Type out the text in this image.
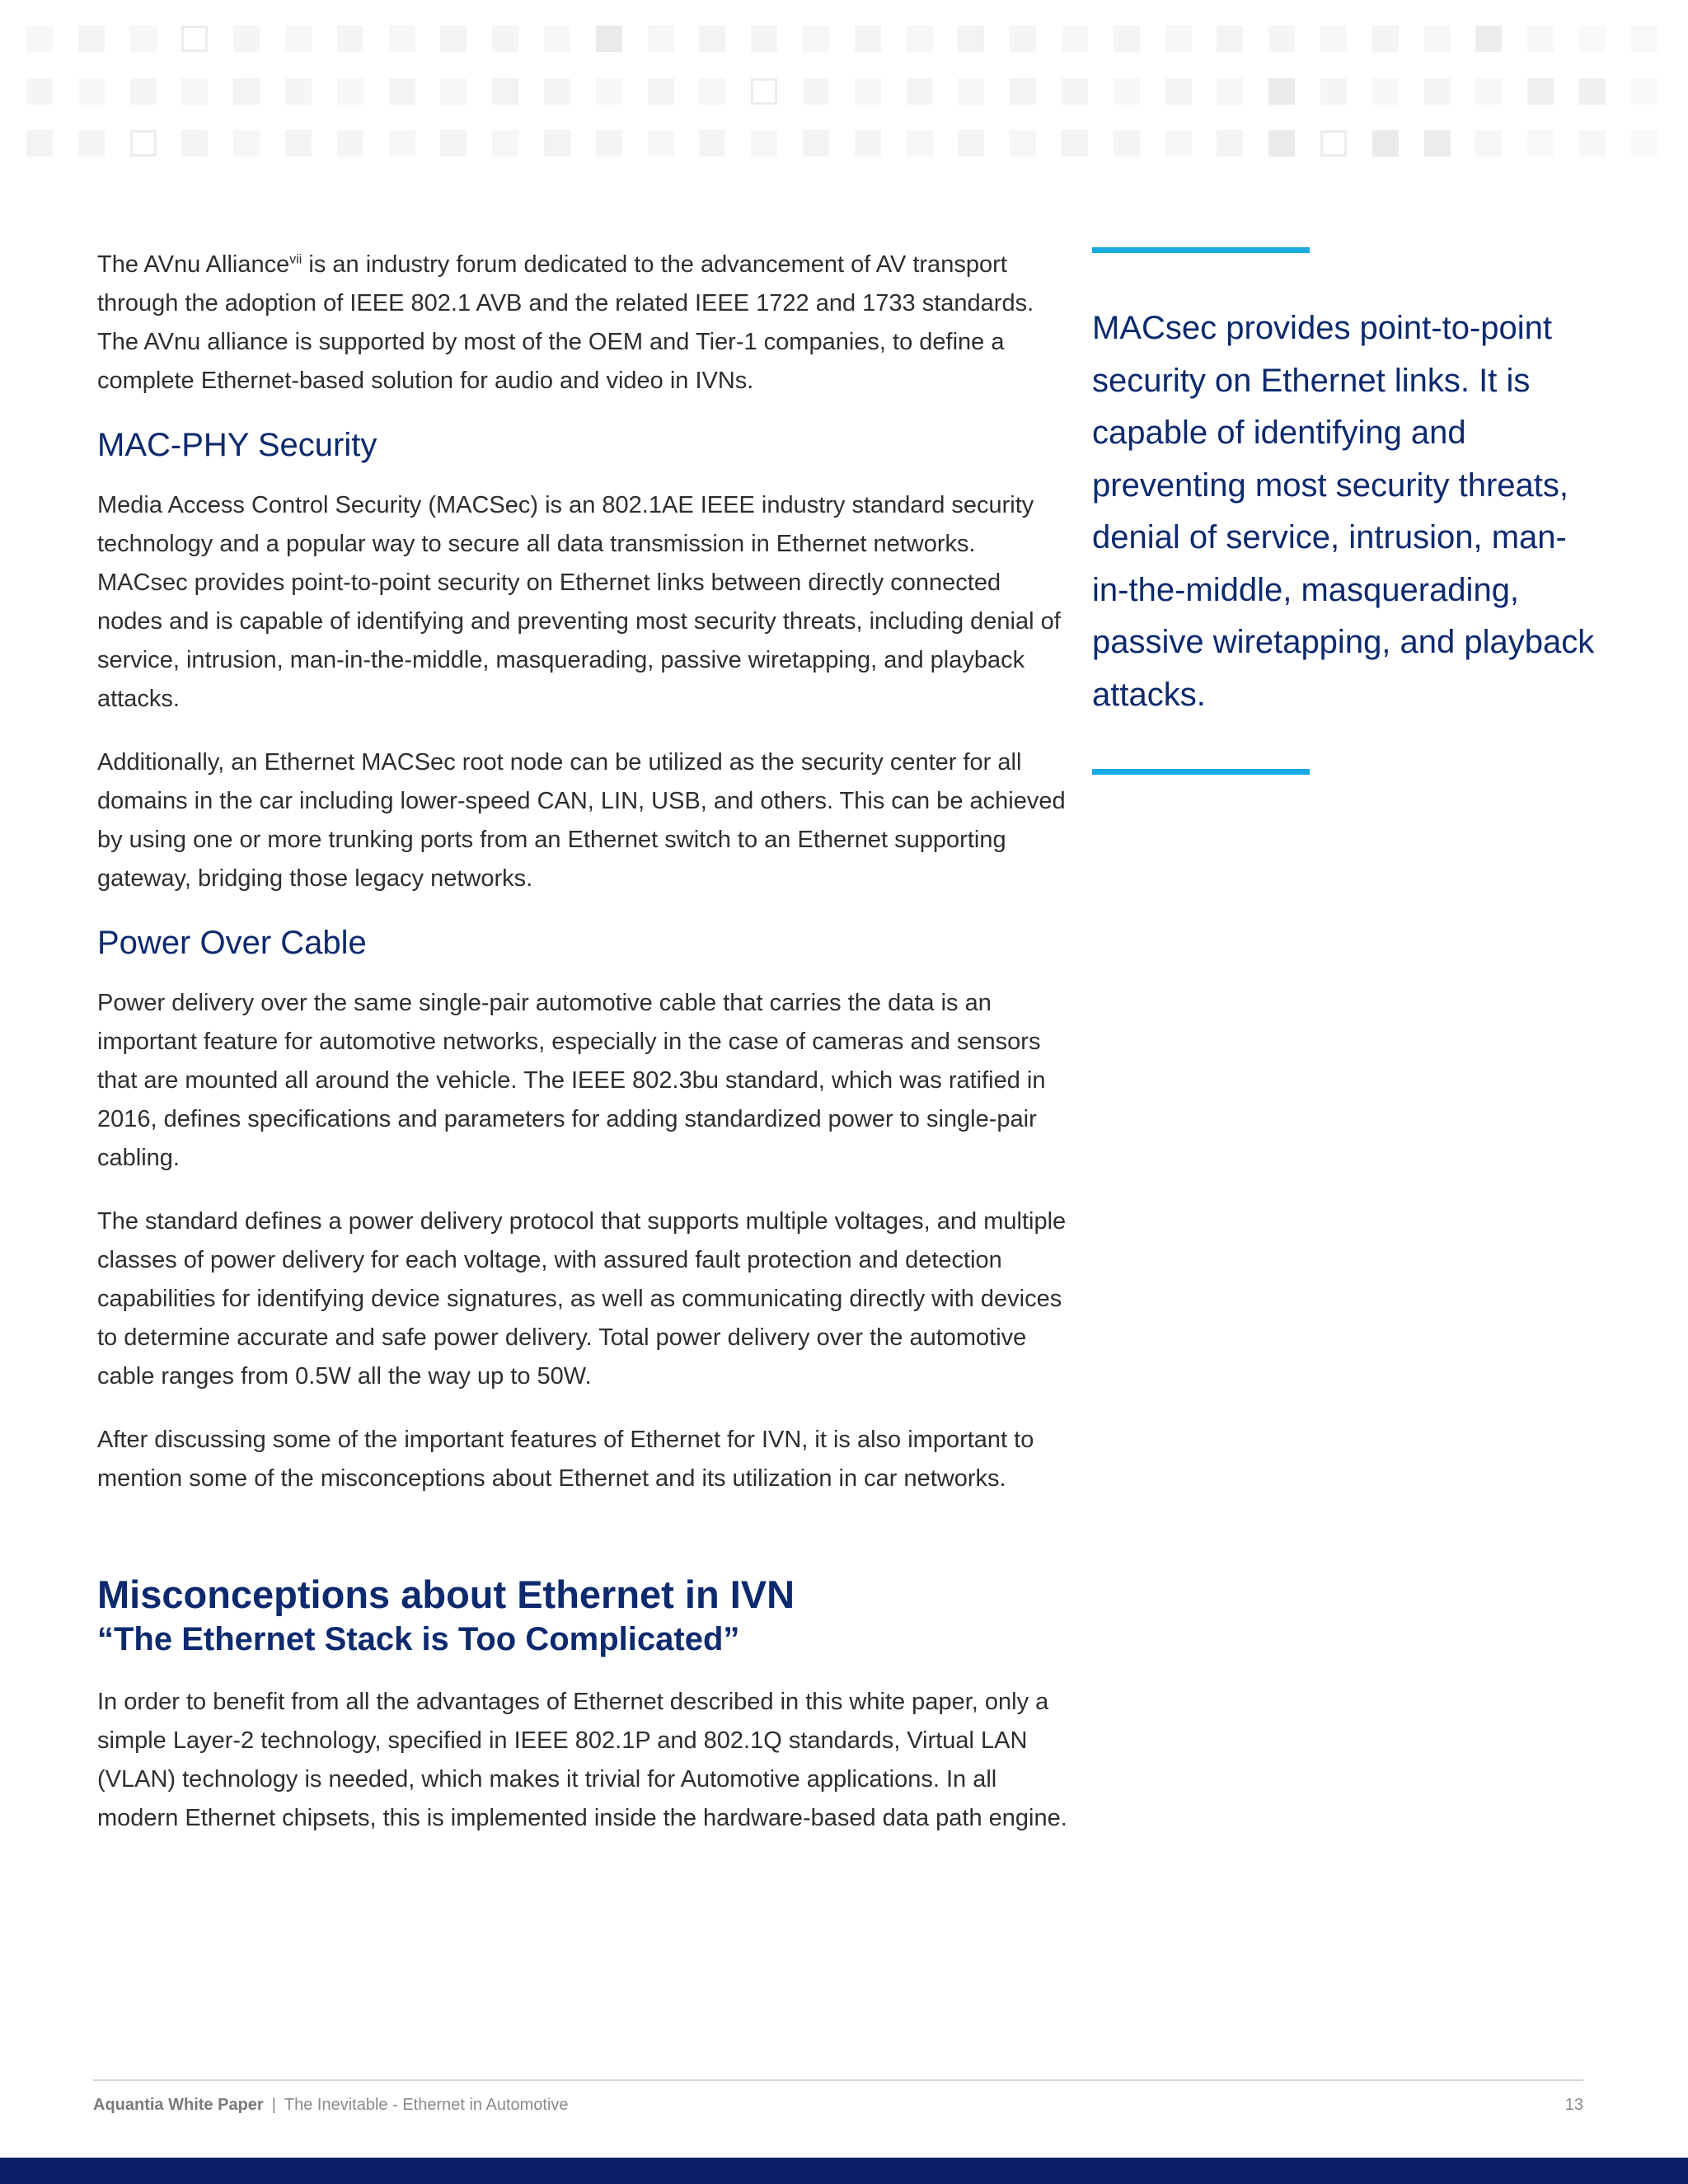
The AVnu Alliance$^{vii}$ is an industry forum dedicated to the advancement of AV transport through the adoption of IEEE 802.1 AVB and the related IEEE 1722 and 1733 standards. The AVnu alliance is supported by most of the OEM and Tier-1 companies, to define a complete Ethernet-based solution for audio and video in IVNs.

MAC-PHY Security

Media Access Control Security (MACSec) is an 802.1AE IEEE industry standard security technology and a popular way to secure all data transmission in Ethernet networks. MACsec provides point-to-point security on Ethernet links between directly connected nodes and is capable of identifying and preventing most security threats, including denial of service, intrusion, man-in-the-middle, masquerading, passive wiretapping, and playback attacks.

Additionally, an Ethernet MACSec root node can be utilized as the security center for all domains in the car including lower-speed CAN, LIN, USB, and others. This can be achieved by using one or more trunking ports from an Ethernet switch to an Ethernet supporting gateway, bridging those legacy networks.

Power Over Cable

Power delivery over the same single-pair automotive cable that carries the data is an important feature for automotive networks, especially in the case of cameras and sensors that are mounted all around the vehicle. The IEEE 802.3bu standard, which was ratified in 2016, defines specifications and parameters for adding standardized power to single-pair cabling.

The standard defines a power delivery protocol that supports multiple voltages, and multiple classes of power delivery for each voltage, with assured fault protection and detection capabilities for identifying device signatures, as well as communicating directly with devices to determine accurate and safe power delivery. Total power delivery over the automotive cable ranges from 0.5W all the way up to 50W.

After discussing some of the important features of Ethernet for IVN, it is also important to mention some of the misconceptions about Ethernet and its utilization in car networks.

Misconceptions about Ethernet in IVN
“The Ethernet Stack is Too Complicated”

In order to benefit from all the advantages of Ethernet described in this white paper, only a simple Layer-2 technology, specified in IEEE 802.1P and 802.1Q standards, Virtual LAN (VLAN) technology is needed, which makes it trivial for Automotive applications. In all modern Ethernet chipsets, this is implemented inside the hardware-based data path engine.

MACsec provides point-to-point security on Ethernet links. It is capable of identifying and preventing most security threats, denial of service, intrusion, man-in-the-middle, masquerading, passive wiretapping, and playback attacks.

Aquantia White Paper | The Inevitable - Ethernet in Automotive	13
